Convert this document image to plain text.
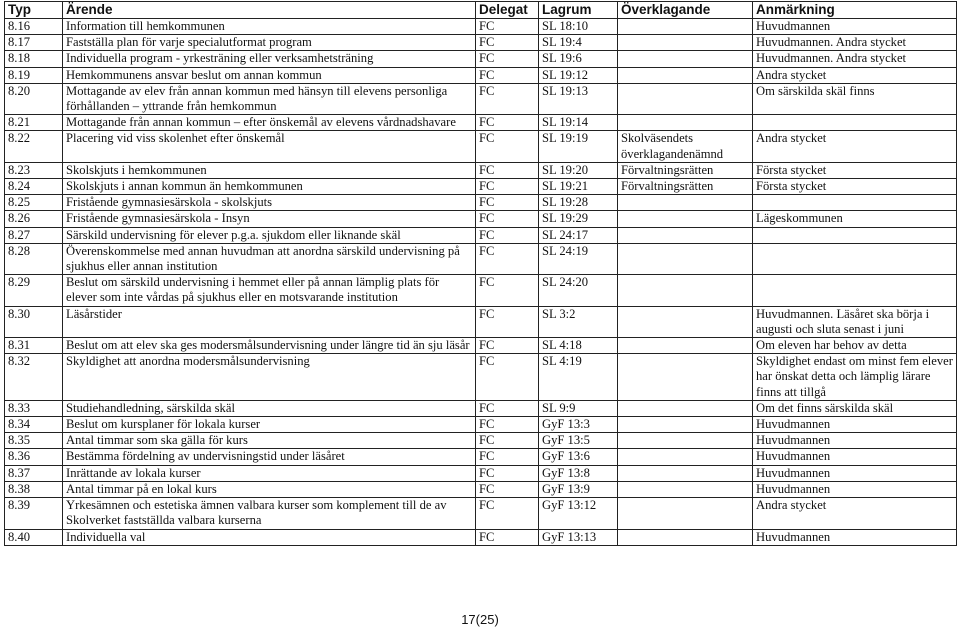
Typ	Ärende	Delegat	Lagrum	Överklagande	Anmärkning
8.16	Information till hemkommunen	FC	SL 18:10		Huvudmannen
8.17	Fastställa plan för varje specialutformat program	FC	SL 19:4		Huvudmannen. Andra stycket
8.18	Individuella program - yrkesträning eller verksamhetsträning	FC	SL 19:6		Huvudmannen. Andra stycket
8.19	Hemkommunens ansvar beslut om annan kommun	FC	SL 19:12		Andra stycket
8.20	Mottagande av elev från annan kommun med hänsyn till elevens personliga förhållanden – yttrande från hemkommun	FC	SL 19:13		Om särskilda skäl finns
8.21	Mottagande från annan kommun – efter önskemål av elevens vårdnadshavare	FC	SL 19:14		
8.22	Placering vid viss skolenhet efter önskemål	FC	SL 19:19	Skolväsendets överklagandenämnd	Andra stycket
8.23	Skolskjuts i hemkommunen	FC	SL 19:20	Förvaltningsrätten	Första stycket
8.24	Skolskjuts i annan kommun än hemkommunen	FC	SL 19:21	Förvaltningsrätten	Första stycket
8.25	Fristående gymnasiesärskola - skolskjuts	FC	SL 19:28		
8.26	Fristående gymnasiesärskola - Insyn	FC	SL 19:29		Lägeskommunen
8.27	Särskild undervisning för elever p.g.a. sjukdom eller liknande skäl	FC	SL 24:17		
8.28	Överenskommelse med annan huvudman att anordna särskild undervisning på sjukhus eller annan institution	FC	SL 24:19		
8.29	Beslut om särskild undervisning i hemmet eller på annan lämplig plats för elever som inte vårdas på sjukhus eller en motsvarande institution	FC	SL 24:20		
8.30	Läsårstider	FC	SL 3:2		Huvudmannen. Läsåret ska börja i augusti och sluta senast i juni
8.31	Beslut om att elev ska ges modersmålsundervisning under längre tid än sju läsår	FC	SL 4:18		Om eleven har behov av detta
8.32	Skyldighet att anordna modersmålsundervisning	FC	SL 4:19		Skyldighet endast om minst fem elever har önskat detta och lämplig lärare finns att tillgå
8.33	Studiehandledning, särskilda skäl	FC	SL 9:9		Om det finns särskilda skäl
8.34	Beslut om kursplaner för lokala kurser	FC	GyF 13:3		Huvudmannen
8.35	Antal timmar som ska gälla för kurs	FC	GyF 13:5		Huvudmannen
8.36	Bestämma fördelning av undervisningstid under läsåret	FC	GyF 13:6		Huvudmannen
8.37	Inrättande av lokala kurser	FC	GyF 13:8		Huvudmannen
8.38	Antal timmar på en lokal kurs	FC	GyF 13:9		Huvudmannen
8.39	Yrkesämnen och estetiska ämnen valbara kurser som komplement till de av Skolverket fastställda valbara kurserna	FC	GyF 13:12		Andra stycket
8.40	Individuella val	FC	GyF 13:13		Huvudmannen
17(25)
